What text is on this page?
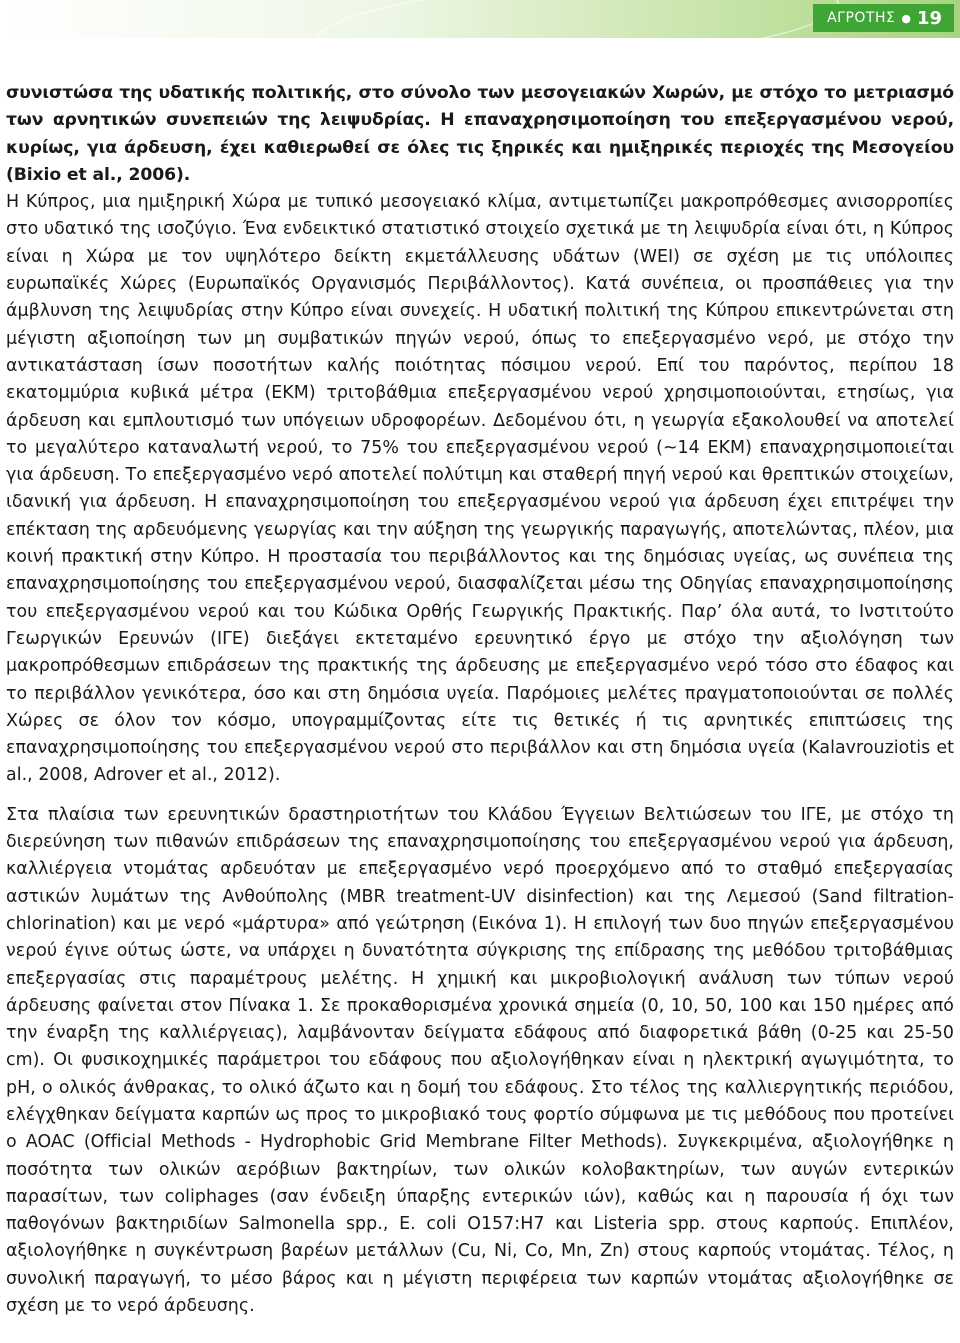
ΑΓΡΟΤΗΣ ● 19

συνιστώσα της υδατικής πολιτικής, στο σύνολο των μεσογειακών Χωρών, με στόχο το μετριασμό των αρνητικών συνεπειών της λειψυδρίας. Η επαναχρησιμοποίηση του επεξεργασμένου νερού, κυρίως, για άρδευση, έχει καθιερωθεί σε όλες τις ξηρικές και ημιξηρικές περιοχές της Μεσογείου (Bixio et al., 2006).

Η Κύπρος, μια ημιξηρική Χώρα με τυπικό μεσογειακό κλίμα, αντιμετωπίζει μακροπρόθεσμες ανισορροπίες στο υδατικό της ισοζύγιο. Ένα ενδεικτικό στατιστικό στοιχείο σχετικά με τη λειψυδρία είναι ότι, η Κύπρος είναι η Χώρα με τον υψηλότερο δείκτη εκμετάλλευσης υδάτων (WEI) σε σχέση με τις υπόλοιπες ευρωπαϊκές Χώρες (Ευρωπαϊκός Οργανισμός Περιβάλλοντος). Κατά συνέπεια, οι προσπάθειες για την άμβλυνση της λειψυδρίας στην Κύπρο είναι συνεχείς. Η υδατική πολιτική της Κύπρου επικεντρώνεται στη μέγιστη αξιοποίηση των μη συμβατικών πηγών νερού, όπως το επεξεργασμένο νερό, με στόχο την αντικατάσταση ίσων ποσοτήτων καλής ποιότητας πόσιμου νερού. Επί του παρόντος, περίπου 18 εκατομμύρια κυβικά μέτρα (ΕΚΜ) τριτοβάθμια επεξεργασμένου νερού χρησιμοποιούνται, ετησίως, για άρδευση και εμπλουτισμό των υπόγειων υδροφορέων. Δεδομένου ότι, η γεωργία εξακολουθεί να αποτελεί το μεγαλύτερο καταναλωτή νερού, το 75% του επεξεργασμένου νερού (~14 ΕΚΜ) επαναχρησιμοποιείται για άρδευση. Το επεξεργασμένο νερό αποτελεί πολύτιμη και σταθερή πηγή νερού και θρεπτικών στοιχείων, ιδανική για άρδευση. Η επαναχρησιμοποίηση του επεξεργασμένου νερού για άρδευση έχει επιτρέψει την επέκταση της αρδευόμενης γεωργίας και την αύξηση της γεωργικής παραγωγής, αποτελώντας, πλέον, μια κοινή πρακτική στην Κύπρο. Η προστασία του περιβάλλοντος και της δημόσιας υγείας, ως συνέπεια της επαναχρησιμοποίησης του επεξεργασμένου νερού, διασφαλίζεται μέσω της Οδηγίας επαναχρησιμοποίησης του επεξεργασμένου νερού και του Κώδικα Ορθής Γεωργικής Πρακτικής. Παρ’ όλα αυτά, το Ινστιτούτο Γεωργικών Ερευνών (ΙΓΕ) διεξάγει εκτεταμένο ερευνητικό έργο με στόχο την αξιολόγηση των μακροπρόθεσμων επιδράσεων της πρακτικής της άρδευσης με επεξεργασμένο νερό τόσο στο έδαφος και το περιβάλλον γενικότερα, όσο και στη δημόσια υγεία. Παρόμοιες μελέτες πραγματοποιούνται σε πολλές Χώρες σε όλον τον κόσμο, υπογραμμίζοντας είτε τις θετικές ή τις αρνητικές επιπτώσεις της επαναχρησιμοποίησης του επεξεργασμένου νερού στο περιβάλλον και στη δημόσια υγεία (Kalavrouziotis et al., 2008, Adrover et al., 2012).

Στα πλαίσια των ερευνητικών δραστηριοτήτων του Κλάδου Έγγειων Βελτιώσεων του ΙΓΕ, με στόχο τη διερεύνηση των πιθανών επιδράσεων της επαναχρησιμοποίησης του επεξεργασμένου νερού για άρδευση, καλλιέργεια ντομάτας αρδευόταν με επεξεργασμένο νερό προερχόμενο από το σταθμό επεξεργασίας αστικών λυμάτων της Ανθούπολης (MBR treatment-UV disinfection) και της Λεμεσού (Sand filtration-chlorination) και με νερό «μάρτυρα» από γεώτρηση (Εικόνα 1). Η επιλογή των δυο πηγών επεξεργασμένου νερού έγινε ούτως ώστε, να υπάρχει η δυνατότητα σύγκρισης της επίδρασης της μεθόδου τριτοβάθμιας επεξεργασίας στις παραμέτρους μελέτης. Η χημική και μικροβιολογική ανάλυση των τύπων νερού άρδευσης φαίνεται στον Πίνακα 1. Σε προκαθορισμένα χρονικά σημεία (0, 10, 50, 100 και 150 ημέρες από την έναρξη της καλλιέργειας), λαμβάνονταν δείγματα εδάφους από διαφορετικά βάθη (0-25 και 25-50 cm). Οι φυσικοχημικές παράμετροι του εδάφους που αξιολογήθηκαν είναι η ηλεκτρική αγωγιμότητα, το pH, ο ολικός άνθρακας, το ολικό άζωτο και η δομή του εδάφους. Στο τέλος της καλλιεργητικής περιόδου, ελέγχθηκαν δείγματα καρπών ως προς το μικροβιακό τους φορτίο σύμφωνα με τις μεθόδους που προτείνει ο AOAC (Official Methods - Hydrophobic Grid Membrane Filter Methods). Συγκεκριμένα, αξιολογήθηκε η ποσότητα των ολικών αερόβιων βακτηρίων, των ολικών κολοβακτηρίων, των αυγών εντερικών παρασίτων, των coliphages (σαν ένδειξη ύπαρξης εντερικών ιών), καθώς και η παρουσία ή όχι των παθογόνων βακτηριδίων Salmonella spp., E. coli O157:H7 και Listeria spp. στους καρπούς. Επιπλέον, αξιολογήθηκε η συγκέντρωση βαρέων μετάλλων (Cu, Ni, Co, Mn, Zn) στους καρπούς ντομάτας. Τέλος, η συνολική παραγωγή, το μέσο βάρος και η μέγιστη περιφέρεια των καρπών ντομάτας αξιολογήθηκε σε σχέση με το νερό άρδευσης.
